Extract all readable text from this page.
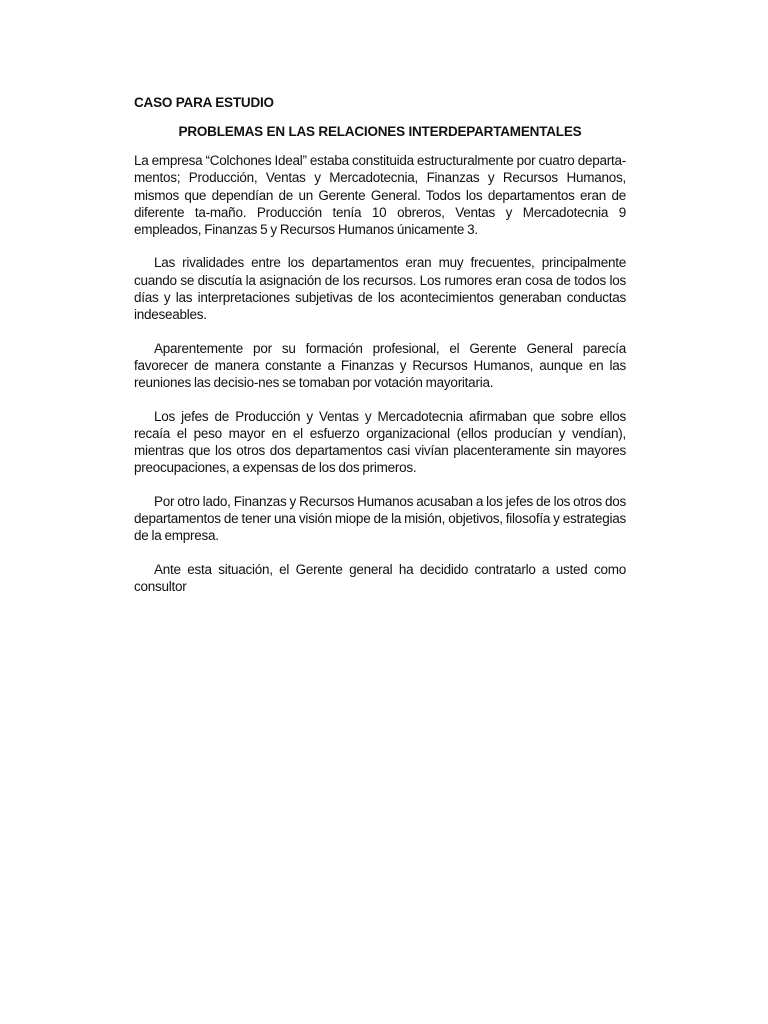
CASO PARA ESTUDIO
PROBLEMAS EN LAS RELACIONES INTERDEPARTAMENTALES

La empresa “Colchones Ideal” estaba constituida estructuralmente por cuatro departa-mentos; Producción, Ventas y Mercadotecnia, Finanzas y Recursos Humanos, mismos que dependían de un Gerente General. Todos los departamentos eran de diferente ta-maño. Producción tenía 10 obreros, Ventas y Mercadotecnia 9 empleados, Finanzas 5 y Recursos Humanos únicamente 3.

Las rivalidades entre los departamentos eran muy frecuentes, principalmente cuando se discutía la asignación de los recursos. Los rumores eran cosa de todos los días y las interpretaciones subjetivas de los acontecimientos generaban conductas indeseables.

Aparentemente por su formación profesional, el Gerente General parecía favorecer de manera constante a Finanzas y Recursos Humanos, aunque en las reuniones las decisio-nes se tomaban por votación mayoritaria.

Los jefes de Producción y Ventas y Mercadotecnia afirmaban que sobre ellos recaía el peso mayor en el esfuerzo organizacional (ellos producían y vendían), mientras que los otros dos departamentos casi vivían placenteramente sin mayores preocupaciones, a expensas de los dos primeros.

Por otro lado, Finanzas y Recursos Humanos acusaban a los jefes de los otros dos departamentos de tener una visión miope de la misión, objetivos, filosofía y estrategias de la empresa.

Ante esta situación, el Gerente general ha decidido contratarlo a usted como consultor
